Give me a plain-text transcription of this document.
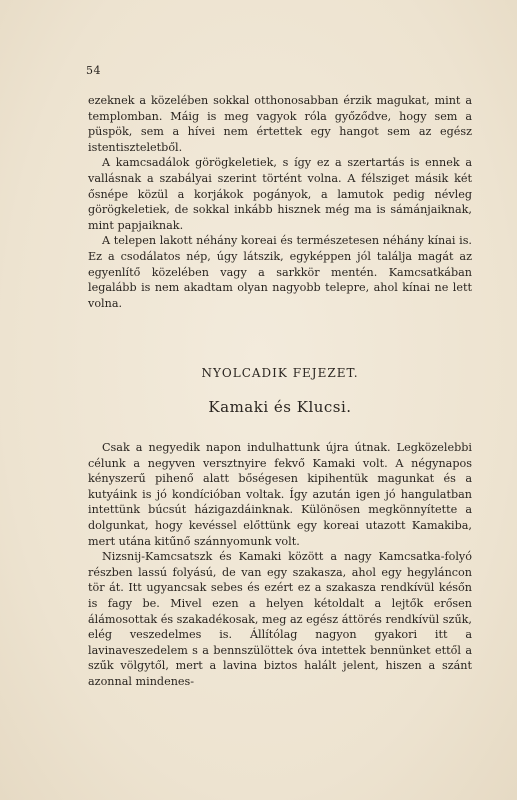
54

ezeknek a közelében sokkal otthonosabban érzik magukat, mint a templomban. Máig is meg vagyok róla győződve, hogy sem a püspök, sem a hívei nem értettek egy hangot sem az egész istentiszteletből.

A kamcsadálok görögkeletiek, s így ez a szertartás is ennek a vallásnak a szabályai szerint történt volna. A félsziget másik két ősnépe közül a korjákok pogányok, a lamutok pedig névleg görögkeletiek, de sokkal inkább hisznek még ma is sámánjaiknak, mint papjaiknak.

A telepen lakott néhány koreai és természetesen néhány kínai is. Ez a csodálatos nép, úgy látszik, egyképpen jól találja magát az egyenlítő közelében vagy a sarkkör mentén. Kamcsatkában legalább is nem akadtam olyan nagyobb telepre, ahol kínai ne lett volna.

NYOLCADIK FEJEZET.
Kamaki és Klucsi.

Csak a negyedik napon indulhattunk újra útnak. Legközelebbi célunk a negyven versztnyire fekvő Kamaki volt. A négynapos kényszerű pihenő alatt bőségesen kipihentük magunkat és a kutyáink is jó kondícióban voltak. Így azután igen jó hangulatban intettünk búcsút házigazdáinknak. Különösen megkönnyítette a dolgunkat, hogy kevéssel előttünk egy koreai utazott Kamakiba, mert utána kitűnő szánnyomunk volt.

Nizsnij-Kamcsatszk és Kamaki között a nagy Kamcsatka-folyó részben lassú folyású, de van egy szakasza, ahol egy hegyláncon tör át. Itt ugyancsak sebes és ezért ez a szakasza rendkívül későn is fagy be. Mivel ezen a helyen kétoldalt a lejtők erősen álámosottak és szakadékosak, meg az egész áttörés rendkívül szűk, elég veszedelmes is. Állítólag nagyon gyakori itt a lavinaveszedelem s a bennszülöttek óva intettek bennünket ettől a szűk völgytől, mert a lavina biztos halált jelent, hiszen a szánt azonnal mindenes-
